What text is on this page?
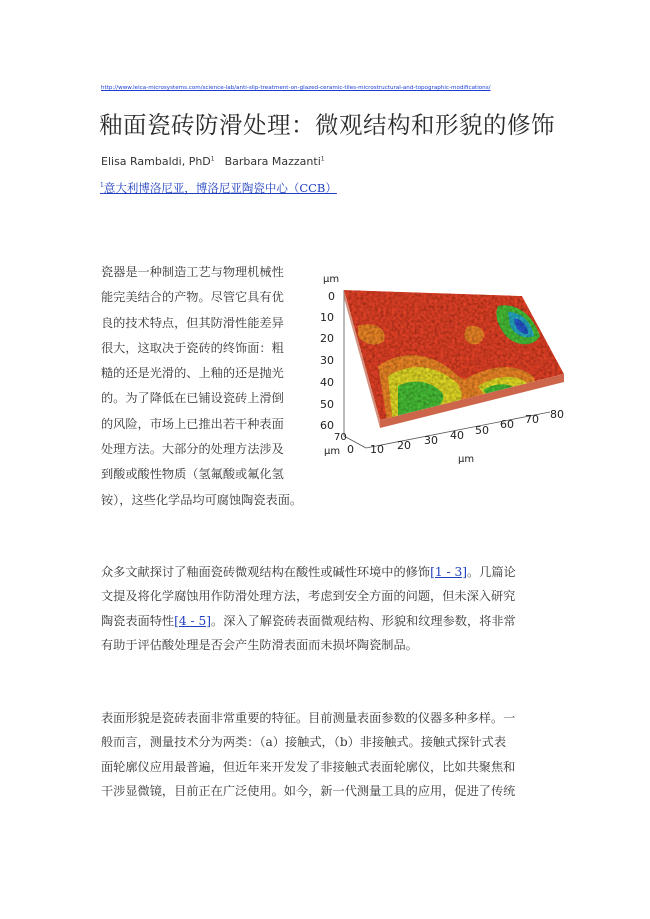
http://www.leica-microsystems.com/science-lab/anti-slip-treatment-on-glazed-ceramic-tiles-microstructural-and-topographic-modifications/
釉面瓷砖防滑处理：微观结构和形貌的修饰
Elisa Rambaldi, PhD$^1$ Barbara Mazzanti$^1$
$^1$意大利博洛尼亚，博洛尼亚陶瓷中心（CCB）

瓷器是一种制造工艺与物理机械性

能完美结合的产物。尽管它具有优

良的技术特点，但其防滑性能差异

很大，这取决于瓷砖的终饰面：粗

糙的还是光滑的、上釉的还是抛光

的。为了降低在已铺设瓷砖上滑倒

的风险，市场上已推出若干种表面

处理方法。大部分的处理方法涉及

到酸或酸性物质（氢氟酸或氟化氢

铵），这些化学品均可腐蚀陶瓷表面。

µm
0
10
20
30
40
50
60
70
µm 0 10 20 30 40 50 60 70 80
µm

众多文献探讨了釉面瓷砖微观结构在酸性或碱性环境中的修饰[1 - 3]。几篇论

文提及将化学腐蚀用作防滑处理方法，考虑到安全方面的问题，但未深入研究

陶瓷表面特性[4 - 5]。深入了解瓷砖表面微观结构、形貌和纹理参数，将非常

有助于评估酸处理是否会产生防滑表面而未损坏陶瓷制品。

表面形貌是瓷砖表面非常重要的特征。目前测量表面参数的仪器多种多样。一

般而言，测量技术分为两类：（a）接触式，（b）非接触式。接触式探针式表

面轮廓仪应用最普遍，但近年来开发发了非接触式表面轮廓仪，比如共聚焦和

干涉显微镜，目前正在广泛使用。如今，新一代测量工具的应用，促进了传统
